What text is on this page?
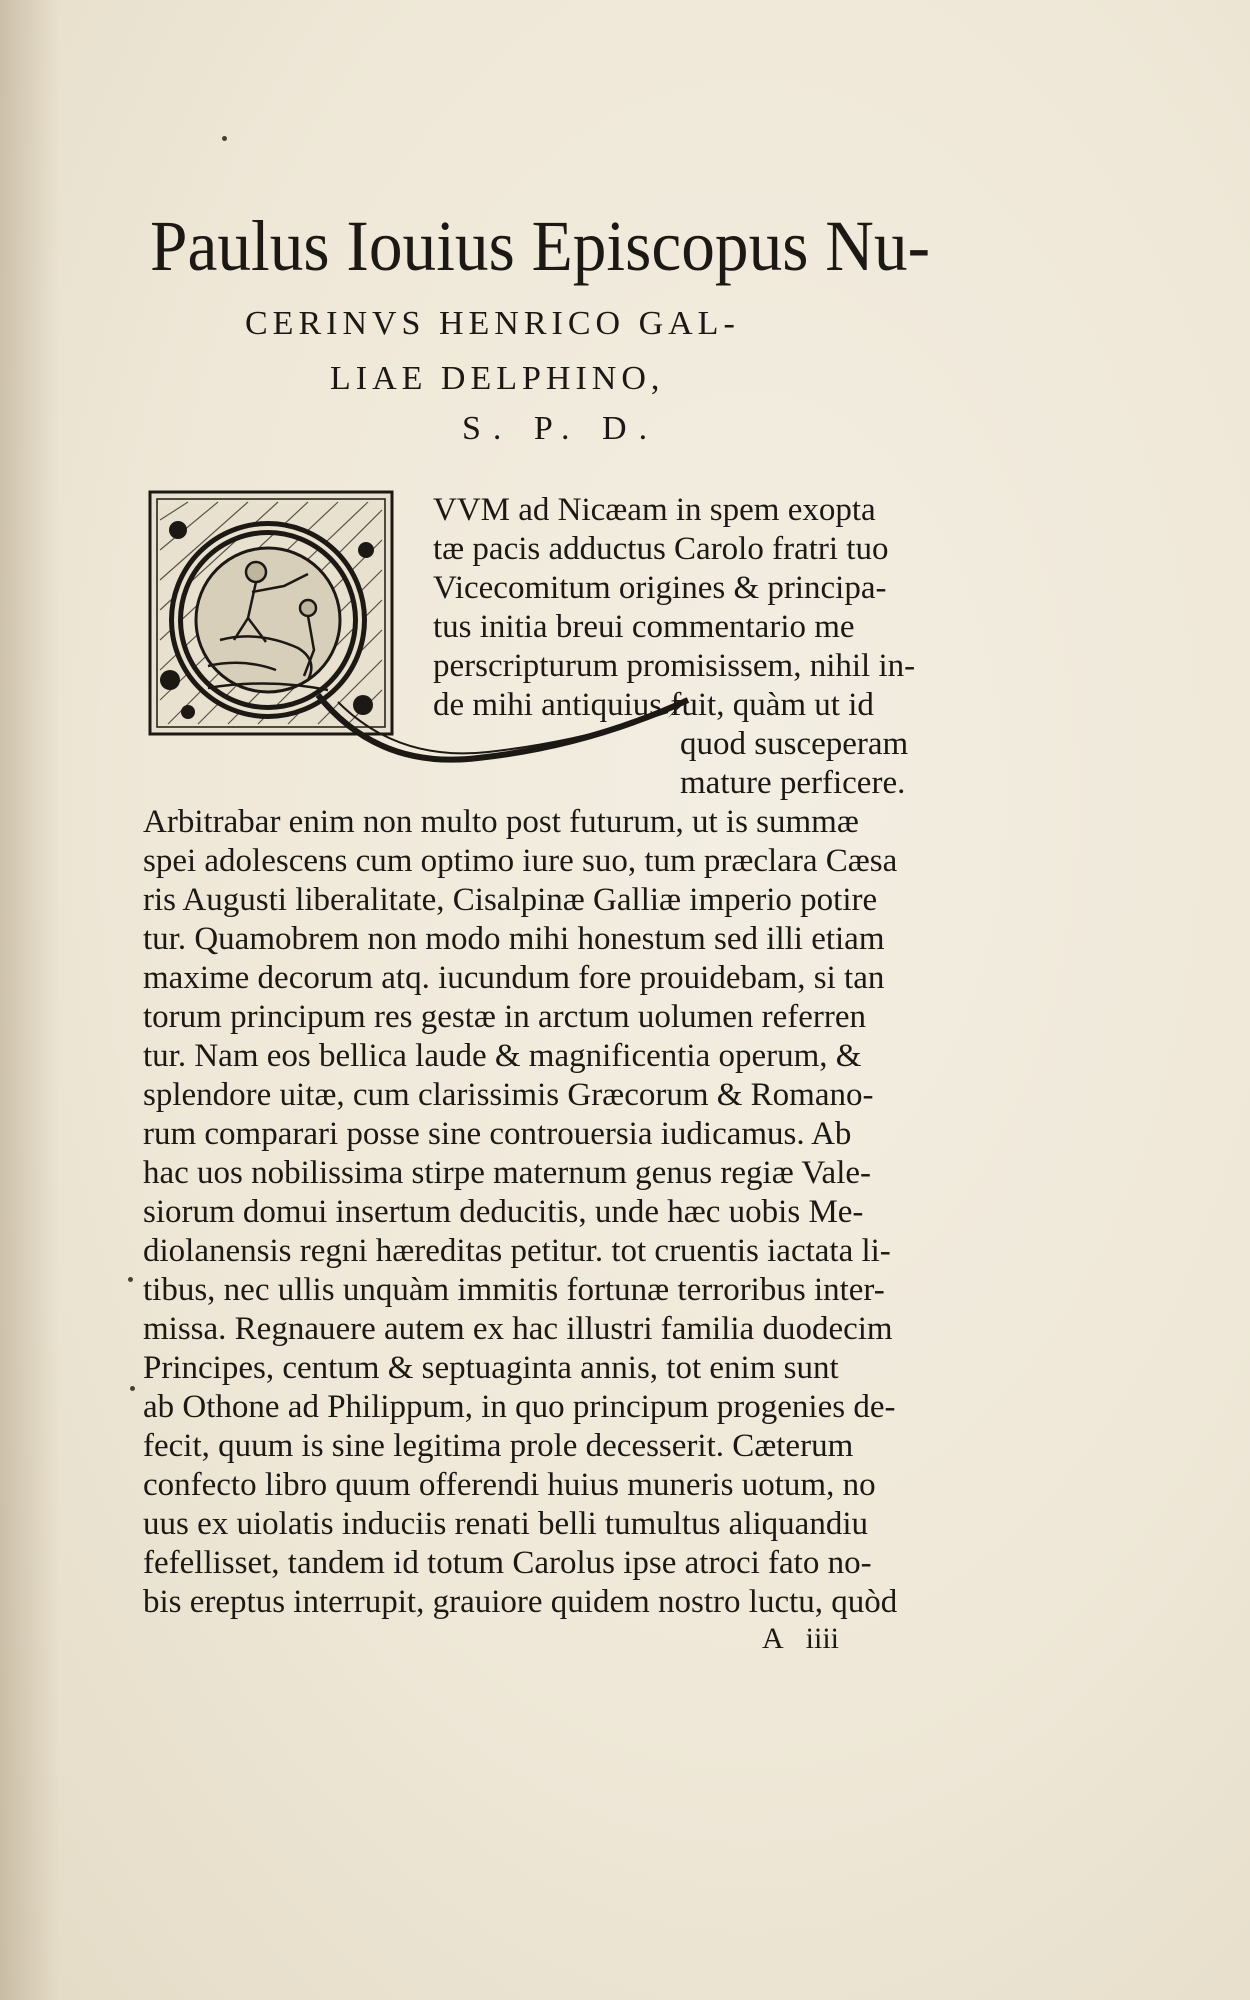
Paulus Iouius Episcopus Nu-
CERINVS HENRICO GAL-
LIAE DELPHINO,
S. P. D.
VVM ad Nicæam in spem exopta
tæ pacis adductus Carolo fratri tuo
Vicecomitum origines & principa-
tus initia breui commentario me
perscripturum promisissem, nihil in-
de mihi antiquius fuit, quàm ut id
quod susceperam
mature perficere.
Arbitrabar enim non multo post futurum, ut is summæ
spei adolescens cum optimo iure suo, tum præclara Cæsa
ris Augusti liberalitate, Cisalpinæ Galliæ imperio potire
tur. Quamobrem non modo mihi honestum sed illi etiam
maxime decorum atq. iucundum fore prouidebam, si tan
torum principum res gestæ in arctum uolumen referren
tur. Nam eos bellica laude & magnificentia operum, &
splendore uitæ, cum clarissimis Græcorum & Romano-
rum comparari posse sine controuersia iudicamus. Ab
hac uos nobilissima stirpe maternum genus regiæ Vale-
siorum domui insertum deducitis, unde hæc uobis Me-
diolanensis regni hæreditas petitur. tot cruentis iactata li-
tibus, nec ullis unquàm immitis fortunæ terroribus inter-
missa. Regnauere autem ex hac illustri familia duodecim
Principes, centum & septuaginta annis, tot enim sunt
ab Othone ad Philippum, in quo principum progenies de-
fecit, quum is sine legitima prole decesserit. Cæterum
confecto libro quum offerendi huius muneris uotum, no
uus ex uiolatis induciis renati belli tumultus aliquandiu
fefellisset, tandem id totum Carolus ipse atroci fato no-
bis ereptus interrupit, grauiore quidem nostro luctu, quòd
A iiii
